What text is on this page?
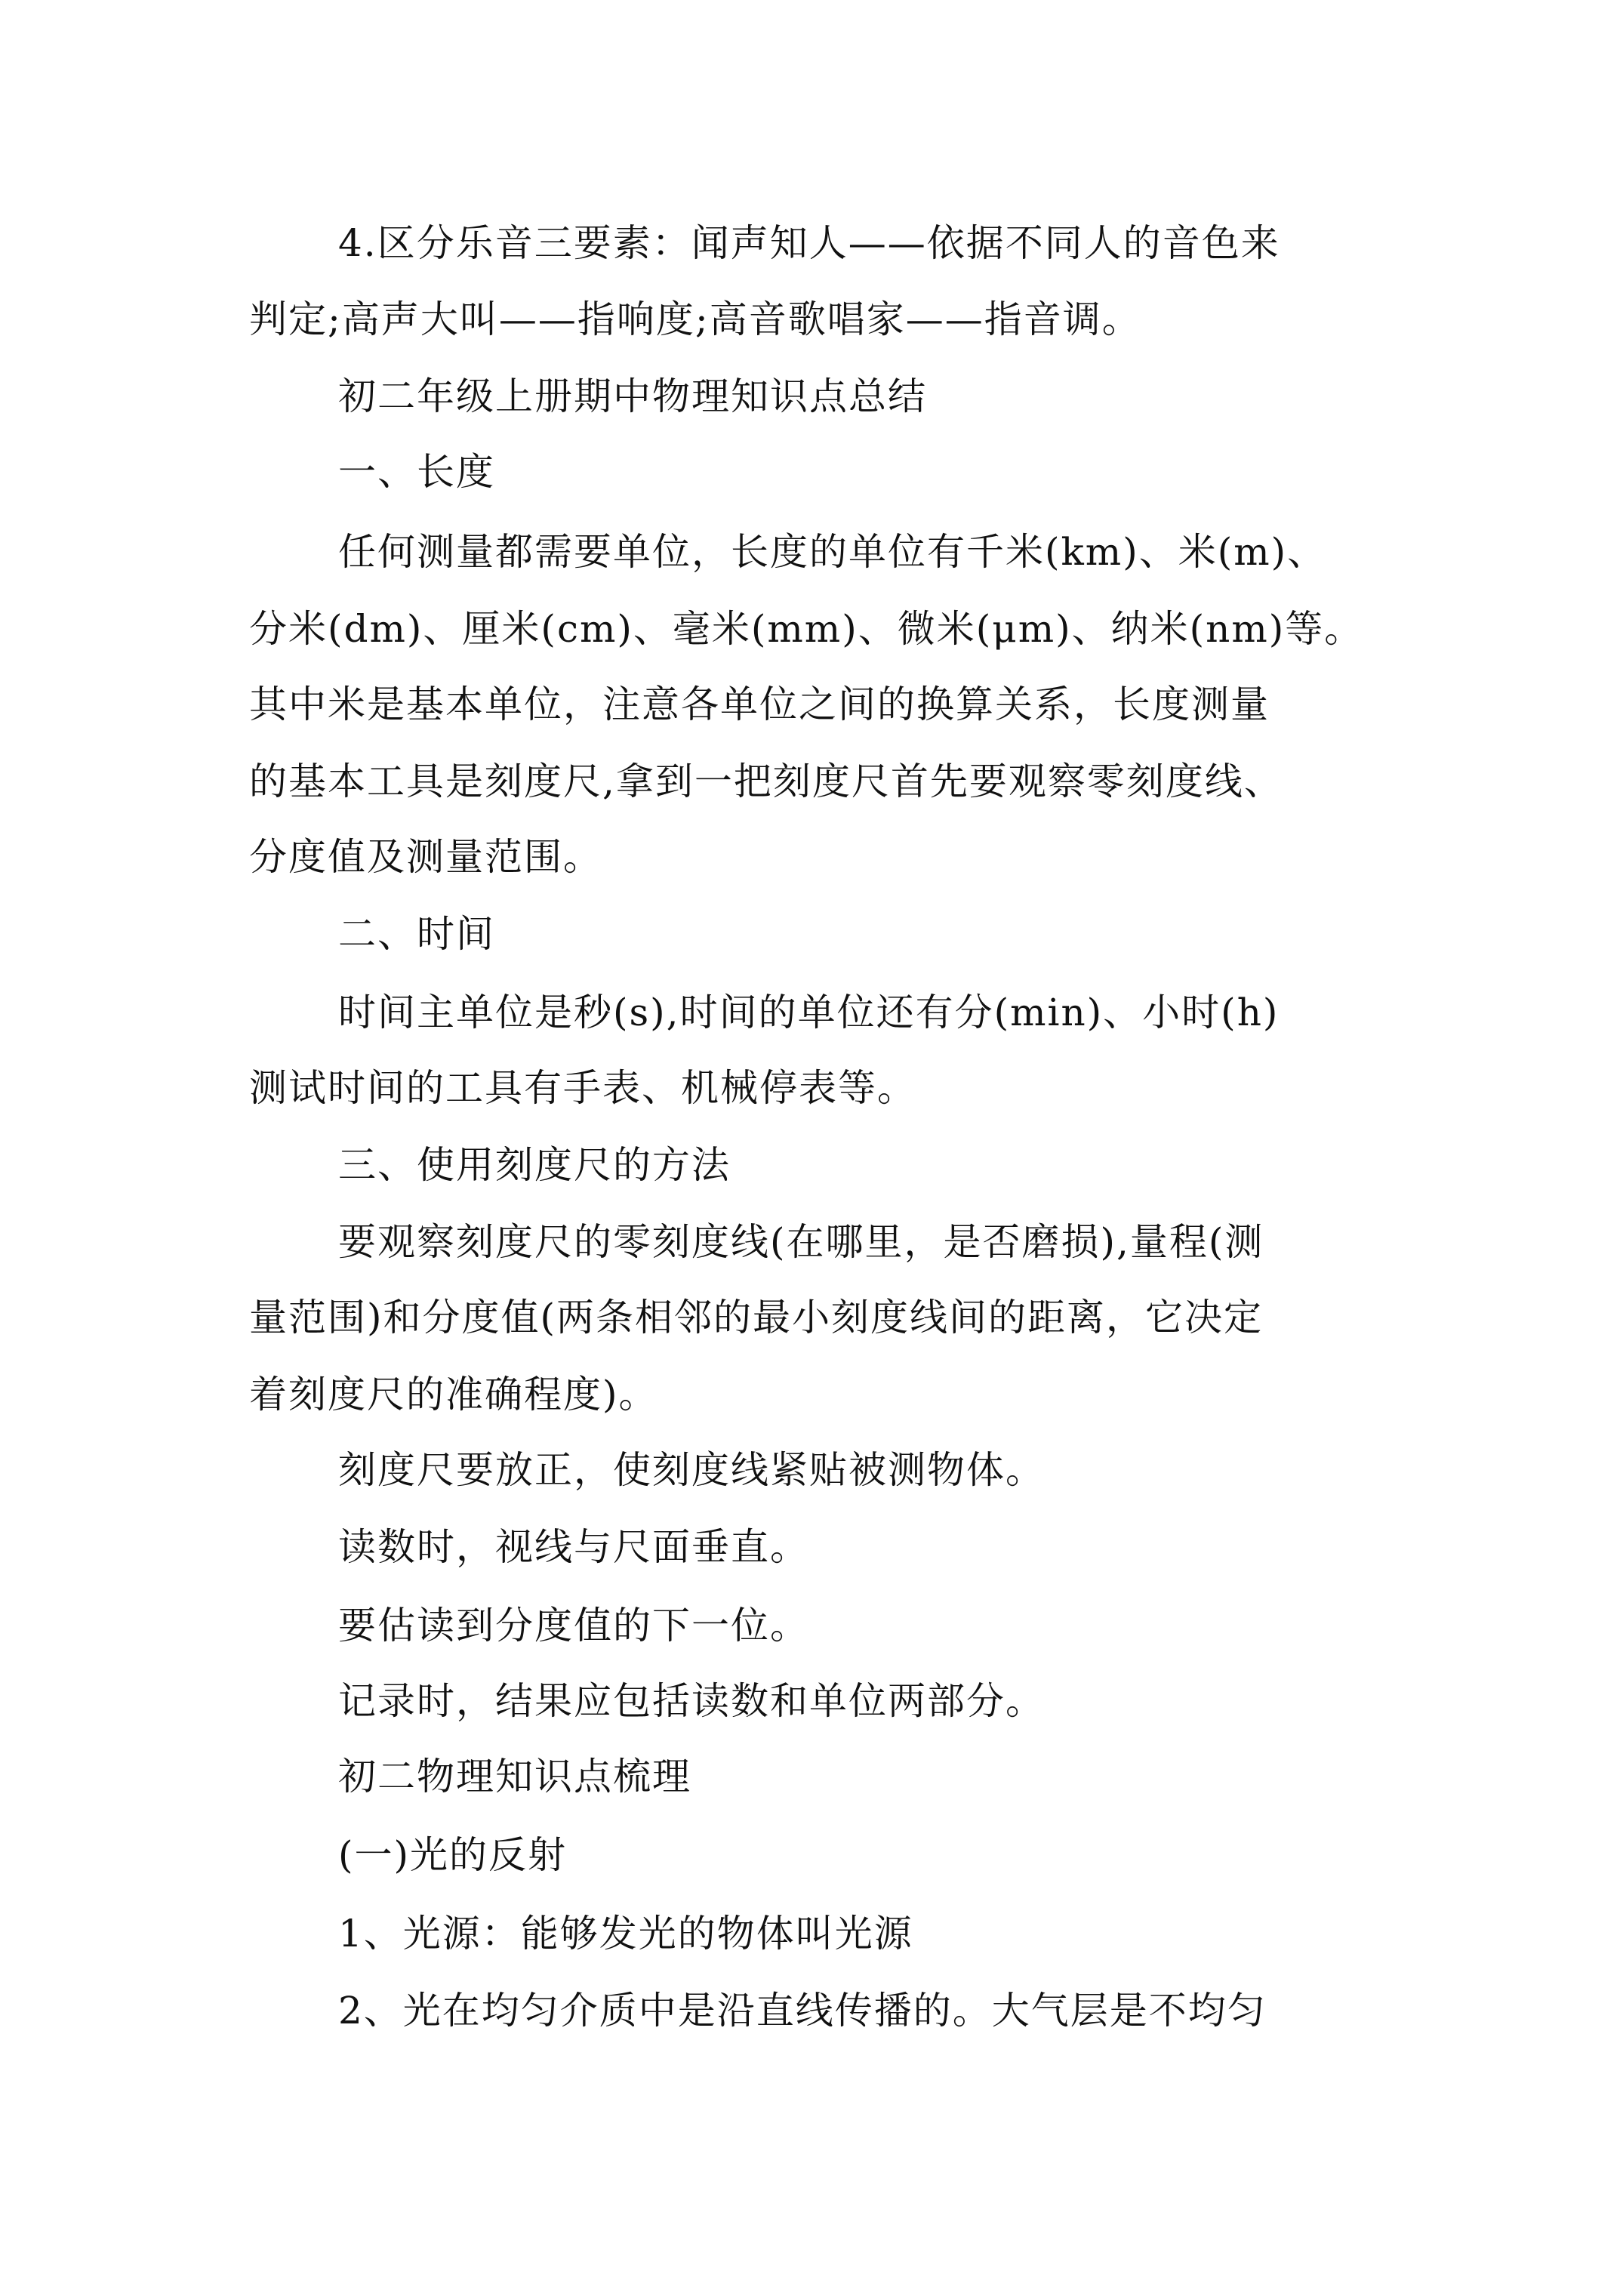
4.区分乐音三要素：闻声知人——依据不同人的音色来
判定;高声大叫——指响度;高音歌唱家——指音调。
初二年级上册期中物理知识点总结
一、长度
任何测量都需要单位，长度的单位有千米(km)、米(m)、
分米(dm)、厘米(cm)、毫米(mm)、微米(μm)、纳米(nm)等。
其中米是基本单位，注意各单位之间的换算关系，长度测量
的基本工具是刻度尺,拿到一把刻度尺首先要观察零刻度线、
分度值及测量范围。
二、时间
时间主单位是秒(s),时间的单位还有分(min)、小时(h)
测试时间的工具有手表、机械停表等。
三、使用刻度尺的方法
要观察刻度尺的零刻度线(在哪里，是否磨损),量程(测
量范围)和分度值(两条相邻的最小刻度线间的距离，它决定
着刻度尺的准确程度)。
刻度尺要放正，使刻度线紧贴被测物体。
读数时，视线与尺面垂直。
要估读到分度值的下一位。
记录时，结果应包括读数和单位两部分。
初二物理知识点梳理
(一)光的反射
1、光源：能够发光的物体叫光源
2、光在均匀介质中是沿直线传播的。大气层是不均匀
